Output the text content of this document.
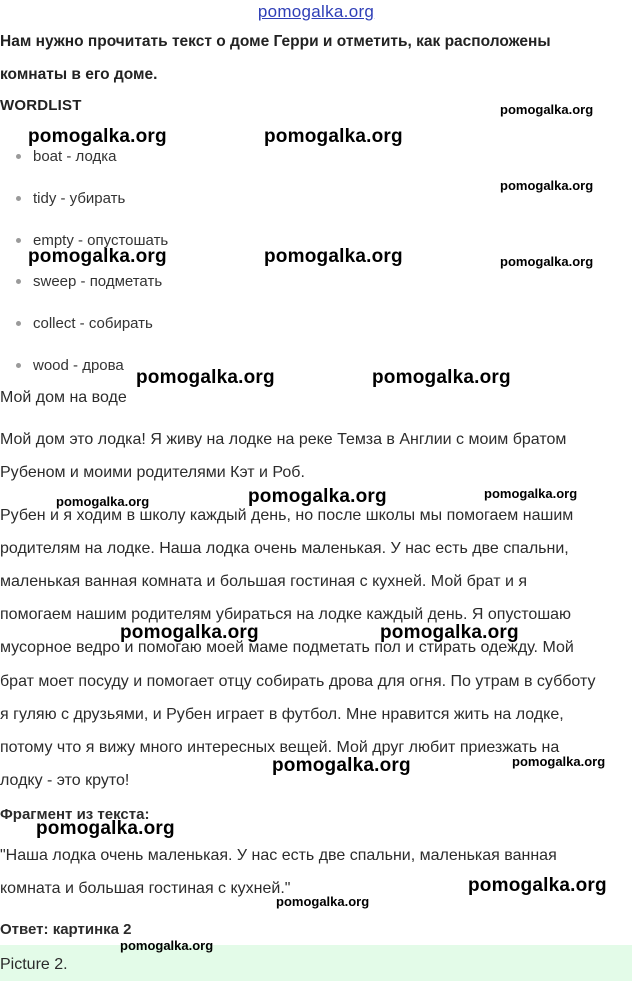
pomogalka.org
Нам нужно прочитать текст о доме Герри и отметить, как расположены
комнаты в его доме.
WORDLIST
boat - лодка
tidy - убирать
empty - опустошать
sweep - подметать
collect - собирать
wood - дрова
Мой дом на воде
Мой дом это лодка! Я живу на лодке на реке Темза в Англии с моим братом
Рубеном и моими родителями Кэт и Роб.
Рубен и я ходим в школу каждый день, но после школы мы помогаем нашим
родителям на лодке. Наша лодка очень маленькая. У нас есть две спальни,
маленькая ванная комната и большая гостиная с кухней. Мой брат и я
помогаем нашим родителям убираться на лодке каждый день. Я опустошаю
мусорное ведро и помогаю моей маме подметать пол и стирать одежду. Мой
брат моет посуду и помогает отцу собирать дрова для огня. По утрам в субботу
я гуляю с друзьями, и Рубен играет в футбол. Мне нравится жить на лодке,
потому что я вижу много интересных вещей. Мой друг любит приезжать на
лодку - это круто!
Фрагмент из текста:
"Наша лодка очень маленькая. У нас есть две спальни, маленькая ванная
комната и большая гостиная с кухней."
Ответ: картинка 2
Picture 2.
pomogalka.org
pomogalka.org	pomogalka.org
pomogalka.org
pomogalka.org	pomogalka.org	pomogalka.org
pomogalka.org	pomogalka.org
pomogalka.org
pomogalka.org
pomogalka.org
pomogalka.org	pomogalka.org
pomogalka.org	pomogalka.org
pomogalka.org
pomogalka.org
pomogalka.org
pomogalka.org
